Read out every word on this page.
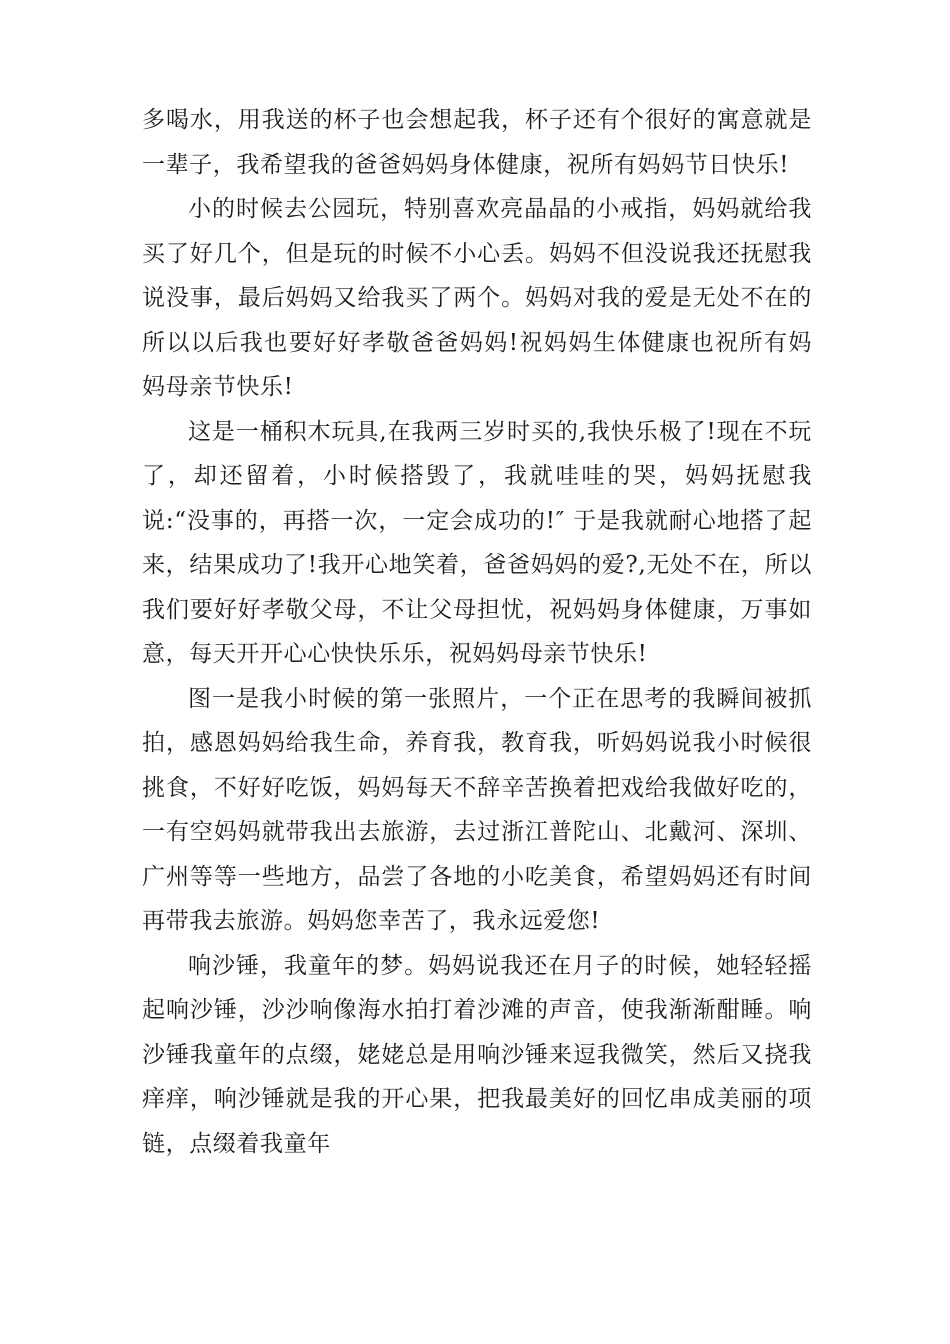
多喝水，用我送的杯子也会想起我，杯子还有个很好的寓意就是一辈子，我希望我的爸爸妈妈身体健康，祝所有妈妈节日快乐!

小的时候去公园玩，特别喜欢亮晶晶的小戒指，妈妈就给我买了好几个，但是玩的时候不小心丢。妈妈不但没说我还抚慰我说没事，最后妈妈又给我买了两个。妈妈对我的爱是无处不在的所以以后我也要好好孝敬爸爸妈妈!祝妈妈生体健康也祝所有妈妈母亲节快乐!

这是一桶积木玩具,在我两三岁时买的,我快乐极了!现在不玩了，却还留着，小时候搭毁了，我就哇哇的哭，妈妈抚慰我说:“没事的，再搭一次，一定会成功的!″ 于是我就耐心地搭了起来，结果成功了!我开心地笑着，爸爸妈妈的爱?,无处不在，所以我们要好好孝敬父母，不让父母担忧，祝妈妈身体健康，万事如意，每天开开心心快快乐乐，祝妈妈母亲节快乐!

图一是我小时候的第一张照片，一个正在思考的我瞬间被抓拍，感恩妈妈给我生命，养育我，教育我，听妈妈说我小时候很挑食，不好好吃饭，妈妈每天不辞辛苦换着把戏给我做好吃的，一有空妈妈就带我出去旅游，去过浙江普陀山、北戴河、深圳、广州等等一些地方，品尝了各地的小吃美食，希望妈妈还有时间再带我去旅游。妈妈您幸苦了，我永远爱您!

响沙锤，我童年的梦。妈妈说我还在月子的时候，她轻轻摇起响沙锤，沙沙响像海水拍打着沙滩的声音，使我渐渐酣睡。响沙锤我童年的点缀，姥姥总是用响沙锤来逗我微笑，然后又挠我痒痒，响沙锤就是我的开心果，把我最美好的回忆串成美丽的项链，点缀着我童年
